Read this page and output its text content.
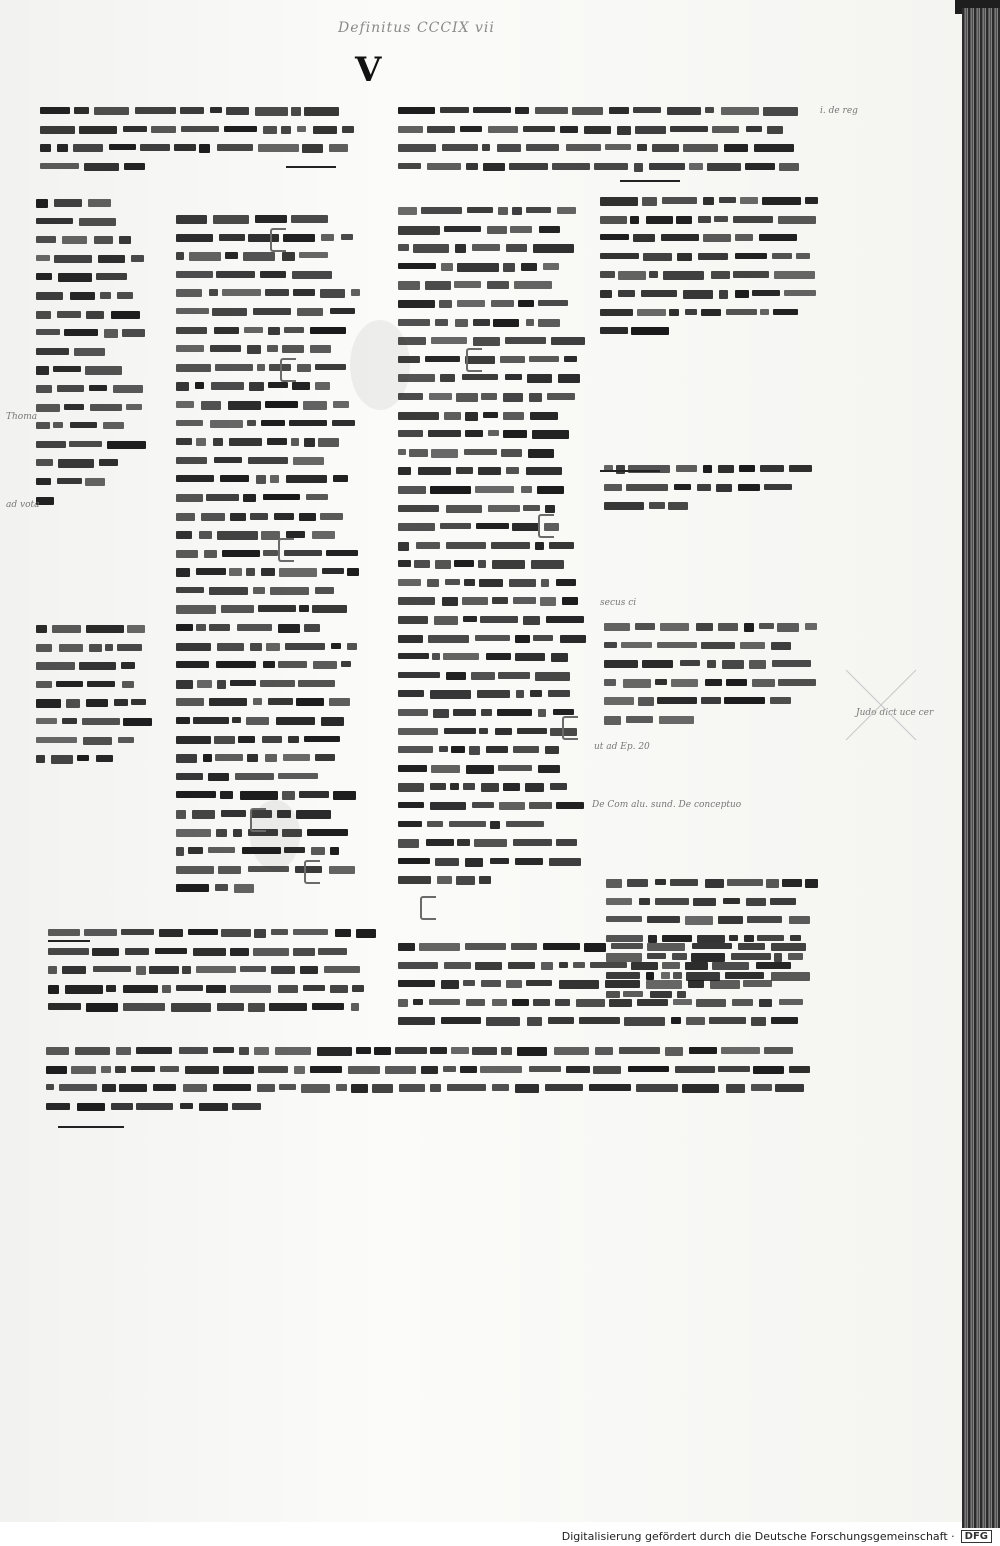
Definitus CCCIX vii
V
i. de reg
Judo dict uce cer
secus ci
ut ad Ep. 20
De Com alu. sund. De conceptuo
Thoma
ad vota
Digitalisierung gefördert durch die Deutsche Forschungsgemeinschaft ·	DFG
